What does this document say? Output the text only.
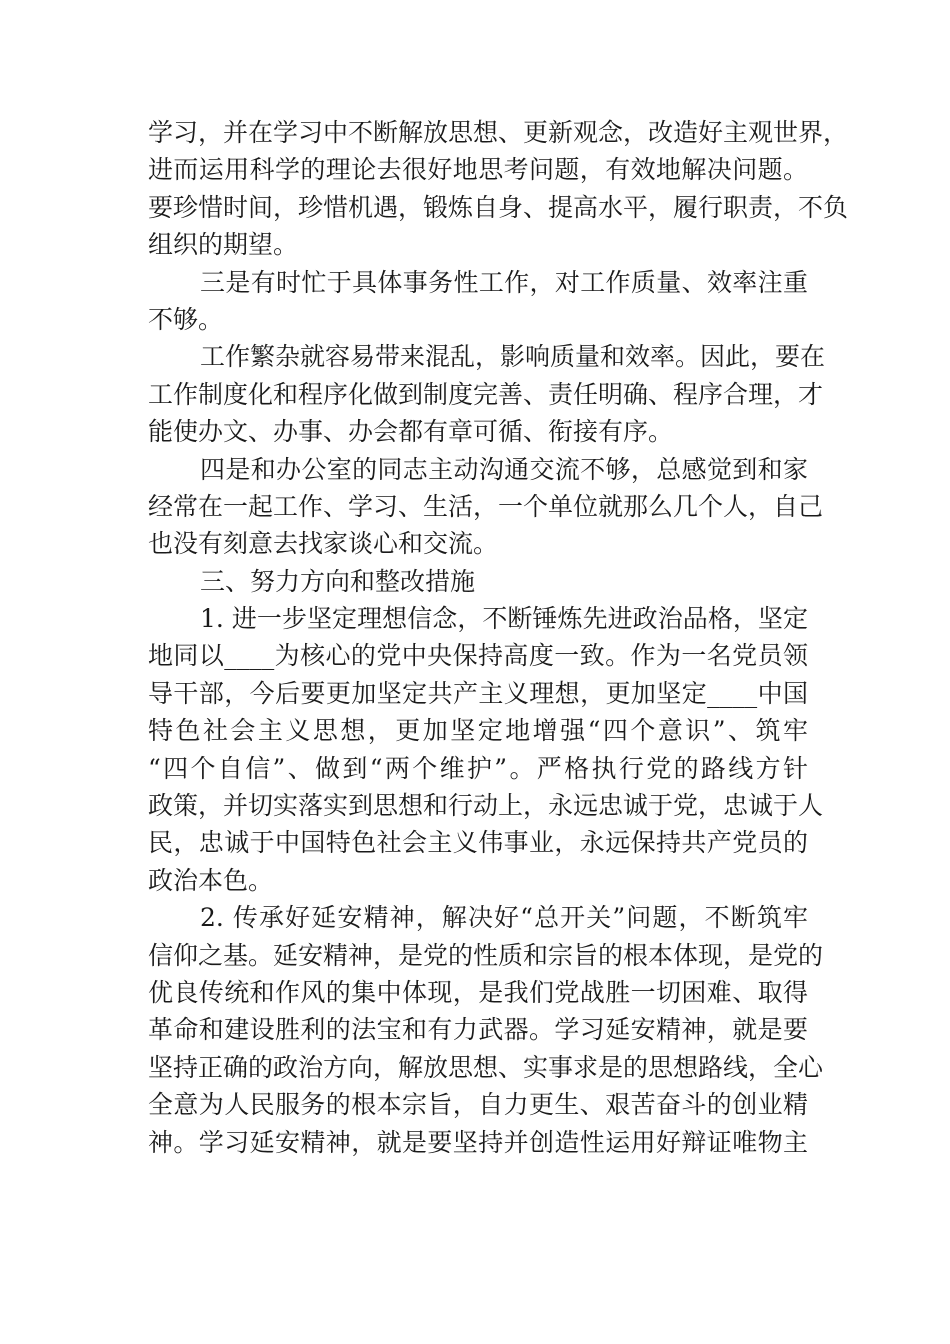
学习，并在学习中不断解放思想、更新观念，改造好主观世界，
进而运用科学的理论去很好地思考问题，有效地解决问题。
要珍惜时间，珍惜机遇，锻炼自身、提高水平，履行职责，不负
组织的期望。
三是有时忙于具体事务性工作，对工作质量、效率注重
不够。
工作繁杂就容易带来混乱，影响质量和效率。因此，要在
工作制度化和程序化做到制度完善、责任明确、程序合理，才
能使办文、办事、办会都有章可循、衔接有序。
四是和办公室的同志主动沟通交流不够，总感觉到和家
经常在一起工作、学习、生活，一个单位就那么几个人，自己
也没有刻意去找家谈心和交流。
三、努力方向和整改措施
1. 进一步坚定理想信念，不断锤炼先进政治品格，坚定
地同以____为核心的党中央保持高度一致。作为一名党员领
导干部，今后要更加坚定共产主义理想，更加坚定____中国
特色社会主义思想，更加坚定地增强“四个意识”、筑牢
“四个自信”、做到“两个维护”。严格执行党的路线方针
政策，并切实落实到思想和行动上，永远忠诚于党，忠诚于人
民，忠诚于中国特色社会主义伟事业，永远保持共产党员的
政治本色。
2. 传承好延安精神，解决好“总开关”问题，不断筑牢
信仰之基。延安精神，是党的性质和宗旨的根本体现，是党的
优良传统和作风的集中体现，是我们党战胜一切困难、取得
革命和建设胜利的法宝和有力武器。学习延安精神，就是要
坚持正确的政治方向，解放思想、实事求是的思想路线，全心
全意为人民服务的根本宗旨，自力更生、艰苦奋斗的创业精
神。学习延安精神，就是要坚持并创造性运用好辩证唯物主
